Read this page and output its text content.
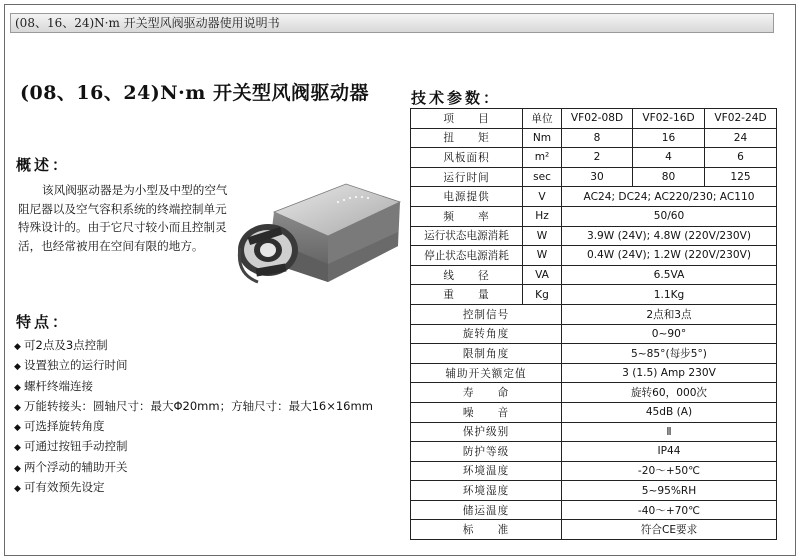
(08、16、24)N·m 开关型风阀驱动器使用说明书
(08、16、24)N·m 开关型风阀驱动器
概述：
该风阀驱动器是为小型及中型的空气阻尼器以及空气容积系统的终端控制单元特殊设计的。由于它尺寸较小而且控制灵活，也经常被用在空间有限的地方。
特点：
◆ 可2点及3点控制
◆ 设置独立的运行时间
◆ 螺杆终端连接
◆ 万能转接头：圆轴尺寸：最大Φ20mm；方轴尺寸：最大16×16mm
◆ 可选择旋转角度
◆ 可通过按钮手动控制
◆ 两个浮动的辅助开关
◆ 可有效预先设定
技术参数：
项　　目	单位	VF02-08D	VF02-16D	VF02-24D
扭　　矩	Nm	8	16	24
风板面积	m²	2	4	6
运行时间	sec	30	80	125
电源提供	V	AC24; DC24; AC220/230; AC110		
频　　率	Hz	50/60		
运行状态电源消耗	W	3.9W (24V); 4.8W (220V/230V)		
停止状态电源消耗	W	0.4W (24V); 1.2W (220V/230V)		
线　　径	VA	6.5VA		
重　　量	Kg	1.1Kg		
控制信号		2点和3点		
旋转角度		0~90°		
限制角度		5~85°(每步5°)		
辅助开关额定值		3 (1.5) Amp 230V		
寿　　命		旋转60，000次		
噪　　音		45dB (A)		
保护级别		Ⅱ		
防护等级		IP44		
环境温度		-20～+50℃		
环境湿度		5~95%RH		
储运温度		-40～+70℃		
标　　准		符合CE要求		
